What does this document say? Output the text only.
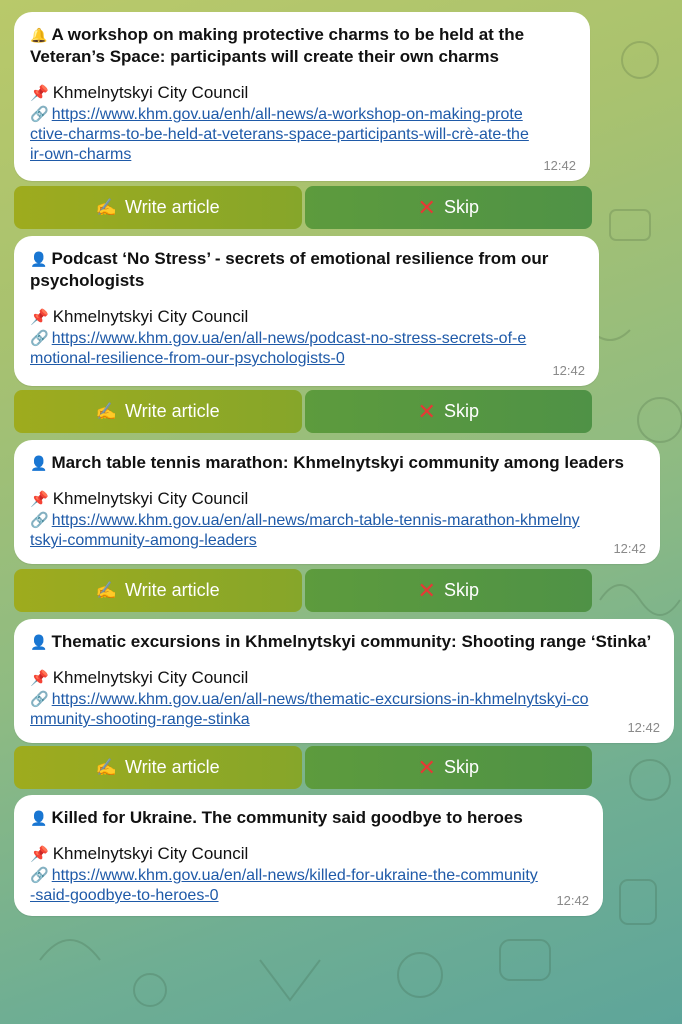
🔔 A workshop on making protective charms to be held at the Veteran’s Space: participants will create their own charms
📌 Khmelnytskyi City Council
🔗 https://www.khm.gov.ua/enh/all-news/a-workshop-on-making-protective-charms-to-be-held-at-veterans-space-participants-will-crè-ate-their-own-charms
12:42
✍️ Write article	✕ Skip
👤 Podcast ‘No Stress’ - secrets of emotional resilience from our psychologists
📌 Khmelnytskyi City Council
🔗 https://www.khm.gov.ua/en/all-news/podcast-no-stress-secrets-of-emotional-resilience-from-our-psychologists-0
12:42
✍️ Write article	✕ Skip
👤 March table tennis marathon: Khmelnytskyi community among leaders
📌 Khmelnytskyi City Council
🔗 https://www.khm.gov.ua/en/all-news/march-table-tennis-marathon-khmelnytskyi-community-among-leaders	12:42
✍️ Write article	✕ Skip
👤 Thematic excursions in Khmelnytskyi community: Shooting range ‘Stinka’
📌 Khmelnytskyi City Council
🔗 https://www.khm.gov.ua/en/all-news/thematic-excursions-in-khmelnytskyi-community-shooting-range-stinka	12:42
✍️ Write article	✕ Skip
👤 Killed for Ukraine. The community said goodbye to heroes
📌 Khmelnytskyi City Council
🔗 https://www.khm.gov.ua/en/all-news/killed-for-ukraine-the-community-said-goodbye-to-heroes-0	12:42
